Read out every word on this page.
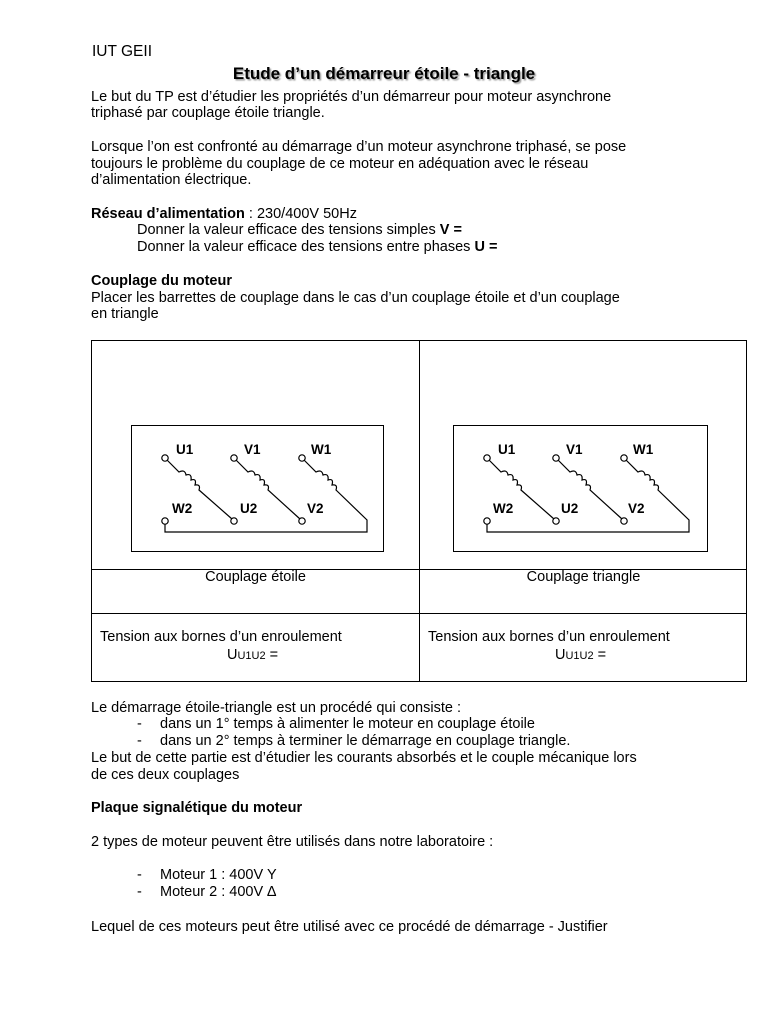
IUT GEII
Etude d’un démarreur étoile - triangle
Le but du TP est d’étudier les propriétés d’un démarreur pour moteur asynchrone
triphasé par couplage étoile triangle.
Lorsque l’on est confronté au démarrage d’un moteur asynchrone triphasé, se pose
toujours le problème du couplage de ce moteur en adéquation avec le réseau
d’alimentation électrique.
Réseau d’alimentation : 230/400V 50Hz
Donner la valeur efficace des tensions simples V =
Donner la valeur efficace des tensions entre phases U =
Couplage du moteur
Placer les barrettes de couplage dans le cas d’un couplage étoile et d’un couplage
en triangle
U1	V1	W1
W2	U2	V2
U1	V1	W1
W2	U2	V2
Couplage étoile	Couplage triangle
Tension aux bornes d’un enroulement	Tension aux bornes d’un enroulement
UU1U2 =	UU1U2 =
Le démarrage étoile-triangle est un procédé qui consiste :
- dans un 1° temps à alimenter le moteur en couplage étoile
- dans un 2° temps à terminer le démarrage en couplage triangle.
Le but de cette partie est d’étudier les courants absorbés et le couple mécanique lors
de ces deux couplages
Plaque signalétique du moteur
2 types de moteur peuvent être utilisés dans notre laboratoire :
- Moteur 1 : 400V Y
- Moteur 2 : 400V ∆
Lequel de ces moteurs peut être utilisé avec ce procédé de démarrage - Justifier
